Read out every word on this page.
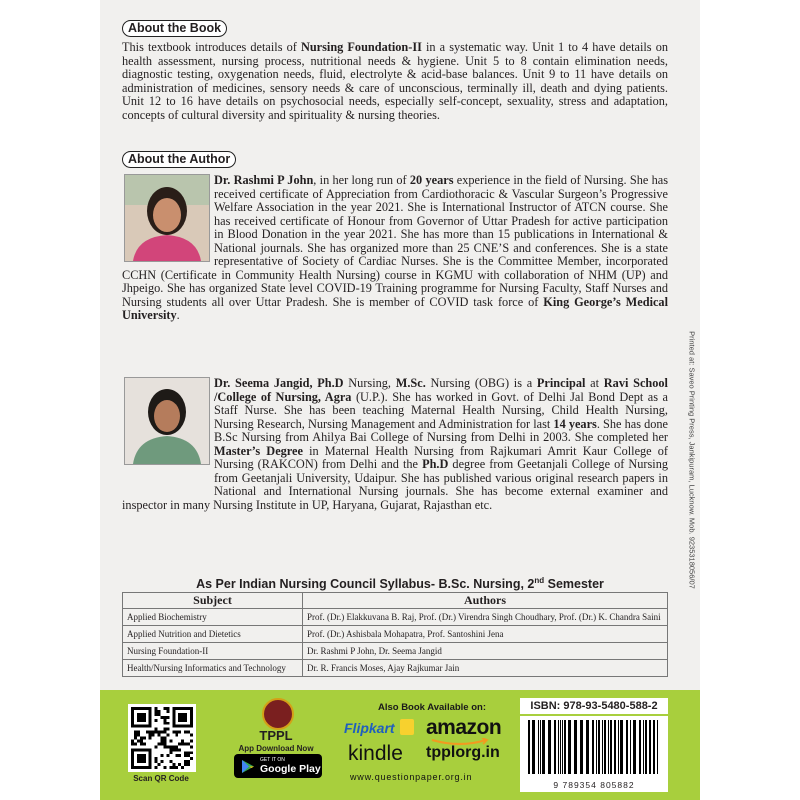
About the Book

This textbook introduces details of Nursing Foundation-II in a systematic way. Unit 1 to 4 have details on health assessment, nursing process, nutritional needs & hygiene. Unit 5 to 8 contain elimination needs, diagnostic testing, oxygenation needs, fluid, electrolyte & acid-base balances. Unit 9 to 11 have details on administration of medicines, sensory needs & care of unconscious, terminally ill, death and dying patients. Unit 12 to 16 have details on psychosocial needs, especially self-concept, sexuality, stress and adaptation, concepts of cultural diversity and spirituality & nursing theories.

About the Author

Dr. Rashmi P John, in her long run of 20 years experience in the field of Nursing. She has received certificate of Appreciation from Cardiothoracic & Vascular Surgeon’s Progressive Welfare Association in the year 2021. She is International Instructor of ATCN course. She has received certificate of Honour from Governor of Uttar Pradesh for active participation in Blood Donation in the year 2021. She has more than 15 publications in International & National journals. She has organized more than 25 CNE’S and conferences. She is a state representative of Society of Cardiac Nurses. She is the Committee Member, incorporated CCHN (Certificate in Community Health Nursing) course in KGMU with collaboration of NHM (UP) and Jhpeigo. She has organized State level COVID-19 Training programme for Nursing Faculty, Staff Nurses and Nursing students all over Uttar Pradesh. She is member of COVID task force of King George’s Medical University.

Dr. Seema Jangid, Ph.D Nursing, M.Sc. Nursing (OBG) is a Principal at Ravi School /College of Nursing, Agra (U.P.). She has worked in Govt. of Delhi Jal Bond Dept as a Staff Nurse. She has been teaching Maternal Health Nursing, Child Health Nursing, Nursing Research, Nursing Management and Administration for last 14 years. She has done B.Sc Nursing from Ahilya Bai College of Nursing from Delhi in 2003. She completed her Master’s Degree in Maternal Health Nursing from Rajkumari Amrit Kaur College of Nursing (RAKCON) from Delhi and the Ph.D degree from Geetanjali College of Nursing from Geetanjali University, Udaipur. She has published various original research papers in National and International Nursing journals. She has become external examiner and inspector in many Nursing Institute in UP, Haryana, Gujarat, Rajasthan etc.	Printed at: Saveo Printing Press, Jankipuram, Lucknow. Mob. 9235318056/07
As Per Indian Nursing Council Syllabus- B.Sc. Nursing, 2nd Semester
Subject	Authors
Applied Biochemistry	Prof. (Dr.) Elakkuvana B. Raj, Prof. (Dr.) Virendra Singh Choudhary, Prof. (Dr.) K. Chandra Saini
Applied Nutrition and Dietetics	Prof. (Dr.) Ashisbala Mohapatra, Prof. Santoshini Jena
Nursing Foundation-II	Dr. Rashmi P John, Dr. Seema Jangid
Health/Nursing Informatics and Technology	Dr. R. Francis Moses, Ajay Rajkumar Jain
Scan QR Code
TPPL
App Download Now
GET IT ON
Google Play
Also Book Available on:
Flipkart amazon
kindle tpplorg.in
www.questionpaper.org.in
ISBN: 978-93-5480-588-2
9 789354 805882
